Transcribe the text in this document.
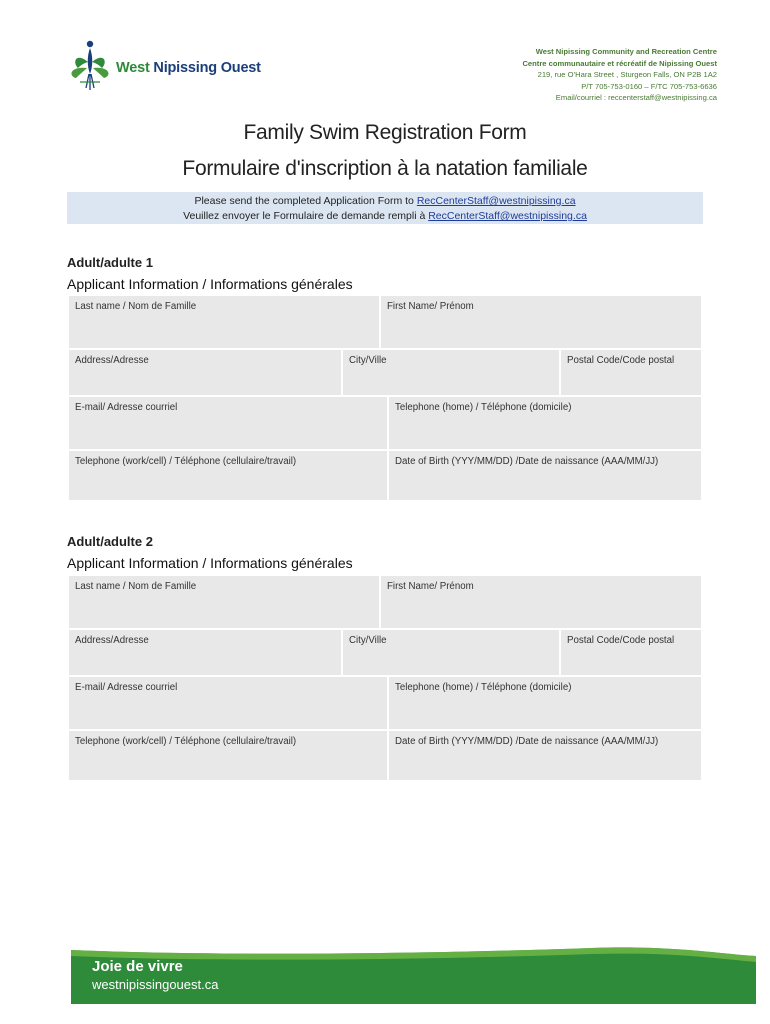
West Nipissing Ouest
West Nipissing Community and Recreation Centre
Centre communautaire et récréatif de Nipissing Ouest
219, rue O’Hara Street , Sturgeon Falls, ON P2B 1A2
P/T 705-753-0160 – F/TC 705-753-6636
Email/courriel : reccenterstaff@westnipissing.ca
Family Swim Registration Form
Formulaire d'inscription à la natation familiale
Please send the completed Application Form to RecCenterStaff@westnipissing.ca
Veuillez envoyer le Formulaire de demande rempli à RecCenterStaff@westnipissing.ca
Adult/adulte 1
Applicant Information / Informations générales
Last name / Nom de Famille	First Name/ Prénom
Address/Adresse	City/Ville	Postal Code/Code postal
E-mail/ Adresse courriel	Telephone (home) / Téléphone (domicile)
Telephone (work/cell) / Téléphone (cellulaire/travail)	Date of Birth (YYY/MM/DD) /Date de naissance (AAA/MM/JJ)
Adult/adulte 2
Applicant Information / Informations générales
Last name / Nom de Famille	First Name/ Prénom
Address/Adresse	City/Ville	Postal Code/Code postal
E-mail/ Adresse courriel	Telephone (home) / Téléphone (domicile)
Telephone (work/cell) / Téléphone (cellulaire/travail)	Date of Birth (YYY/MM/DD) /Date de naissance (AAA/MM/JJ)
Joie de vivre
westnipissingouest.ca
